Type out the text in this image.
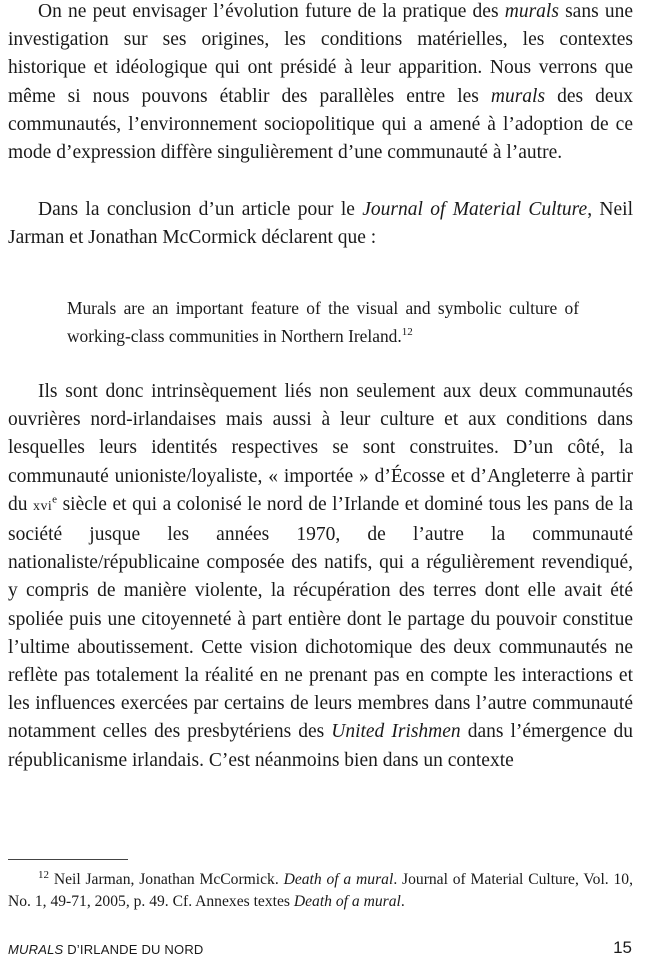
On ne peut envisager l’évolution future de la pratique des murals sans une investigation sur ses origines, les conditions matérielles, les contextes historique et idéologique qui ont présidé à leur apparition. Nous verrons que même si nous pouvons établir des parallèles entre les murals des deux communautés, l’environnement sociopolitique qui a amené à l’adoption de ce mode d’expression diffère singulièrement d’une communauté à l’autre.

Dans la conclusion d’un article pour le Journal of Material Culture, Neil Jarman et Jonathan McCormick déclarent que :

Murals are an important feature of the visual and symbolic culture of working-class communities in Northern Ireland.$^{12}$

Ils sont donc intrinsèquement liés non seulement aux deux communautés ouvrières nord-irlandaises mais aussi à leur culture et aux conditions dans lesquelles leurs identités respectives se sont construites. D’un côté, la communauté unioniste/loyaliste, « importée » d’Écosse et d’Angleterre à partir du xvi$^e$ siècle et qui a colonisé le nord de l’Irlande et dominé tous les pans de la société jusque les années 1970, de l’autre la communauté nationaliste/républicaine composée des natifs, qui a régulièrement revendiqué, y compris de manière violente, la récupération des terres dont elle avait été spoliée puis une citoyenneté à part entière dont le partage du pouvoir constitue l’ultime aboutissement. Cette vision dichotomique des deux communautés ne reflète pas totalement la réalité en ne prenant pas en compte les interactions et les influences exercées par certains de leurs membres dans l’autre communauté notamment celles des presbytériens des United Irishmen dans l’émergence du républicanisme irlandais. C’est néanmoins bien dans un contexte

$^{12}$ Neil Jarman, Jonathan McCormick. Death of a mural. Journal of Material Culture, Vol. 10, No. 1, 49-71, 2005, p. 49. Cf. Annexes textes Death of a mural.

MURALS D’IRLANDE DU NORD	15
